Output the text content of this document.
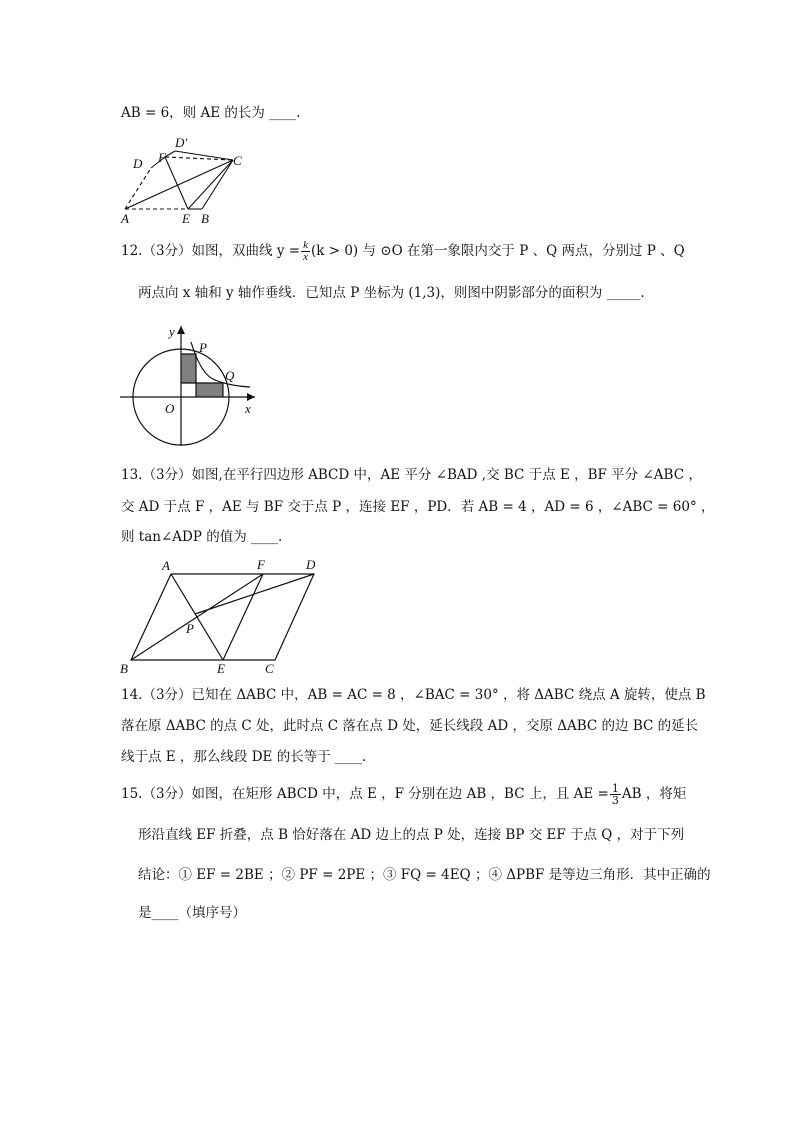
AB = 6，则 AE 的长为 ____.
D
D′
F	C
A	E B
12.（3分）如图，双曲线 $y = \frac{k}{x} (k > 0)$ 与 ⊙O 在第一象限内交于 P 、Q 两点，分别过 P 、Q
两点向 x 轴和 y 轴作垂线．已知点 P 坐标为 (1,3)，则图中阴影部分的面积为 _____.
y
P
Q
O	x
13.（3分）如图,在平行四边形 ABCD 中，AE 平分 ∠BAD ,交 BC 于点 E ，BF 平分 ∠ABC ，
交 AD 于点 F ，AE 与 BF 交于点 P ，连接 EF ，PD．若 AB = 4 ，AD = 6 ，∠ABC = 60° ，
则 tan∠ADP 的值为 ____.
A	F	D
P
B	E	C
14.（3分）已知在 ΔABC 中，AB = AC = 8 ，∠BAC = 30° ，将 ΔABC 绕点 A 旋转，使点 B
落在原 ΔABC 的点 C 处，此时点 C 落在点 D 处，延长线段 AD ，交原 ΔABC 的边 BC 的延长
线于点 E ，那么线段 DE 的长等于 ____.
15.（3分）如图，在矩形 ABCD 中，点 E ，F 分别在边 AB ，BC 上，且 AE = $\frac{1}{3}$ AB ，将矩
形沿直线 EF 折叠，点 B 恰好落在 AD 边上的点 P 处，连接 BP 交 EF 于点 Q ，对于下列
结论：① EF = 2BE ；② PF = 2PE ；③ FQ = 4EQ ；④ ΔPBF 是等边三角形．其中正确的
是____（填序号）
